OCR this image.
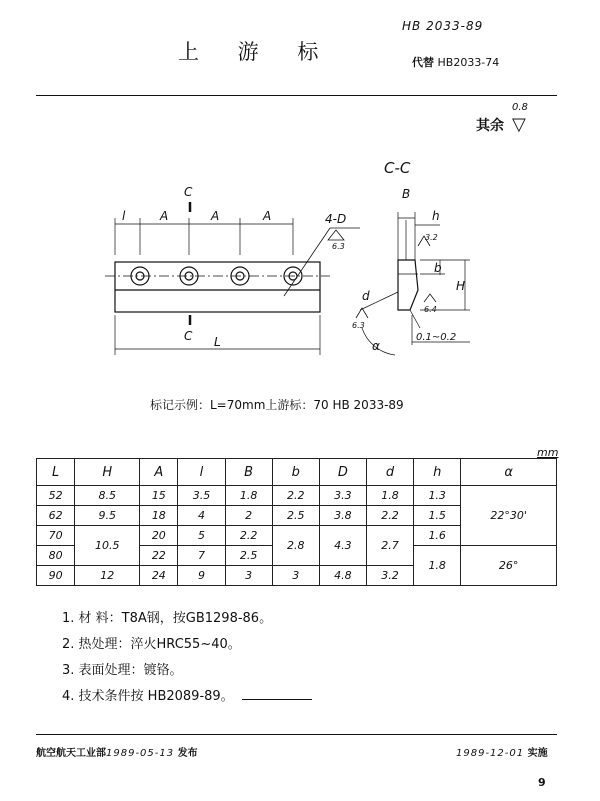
上 游 标
HB 2033-89
代替 HB2033-74
其余
0.8
▽
C
C
l	A	A	A
L
4-D
6.3
C-C
B
h
b
H
d
6.3
6.4
3.2
α
0.1~0.2
标记示例：L=70mm上游标：70 HB 2033-89
mm
L	H	A	l	B	b	D	d	h	α
52	8.5	15	3.5	1.8	2.2	3.3	1.8	1.3	22°30'
62	9.5	18	4	2	2.5	3.8	2.2	1.5	
70	10.5	20	5	2.2	2.8	4.3	2.7	1.6	
80		22	7	2.5				1.8	26°
90	12	24	9	3	3	4.8	3.2		
1. 材 料：T8A钢，按GB1298-86。
2. 热处理：淬火HRC55~40。
3. 表面处理：镀铬。
4. 技术条件按 HB2089-89。
航空航天工业部1989-05-13 发布	1989-12-01 实施
9
